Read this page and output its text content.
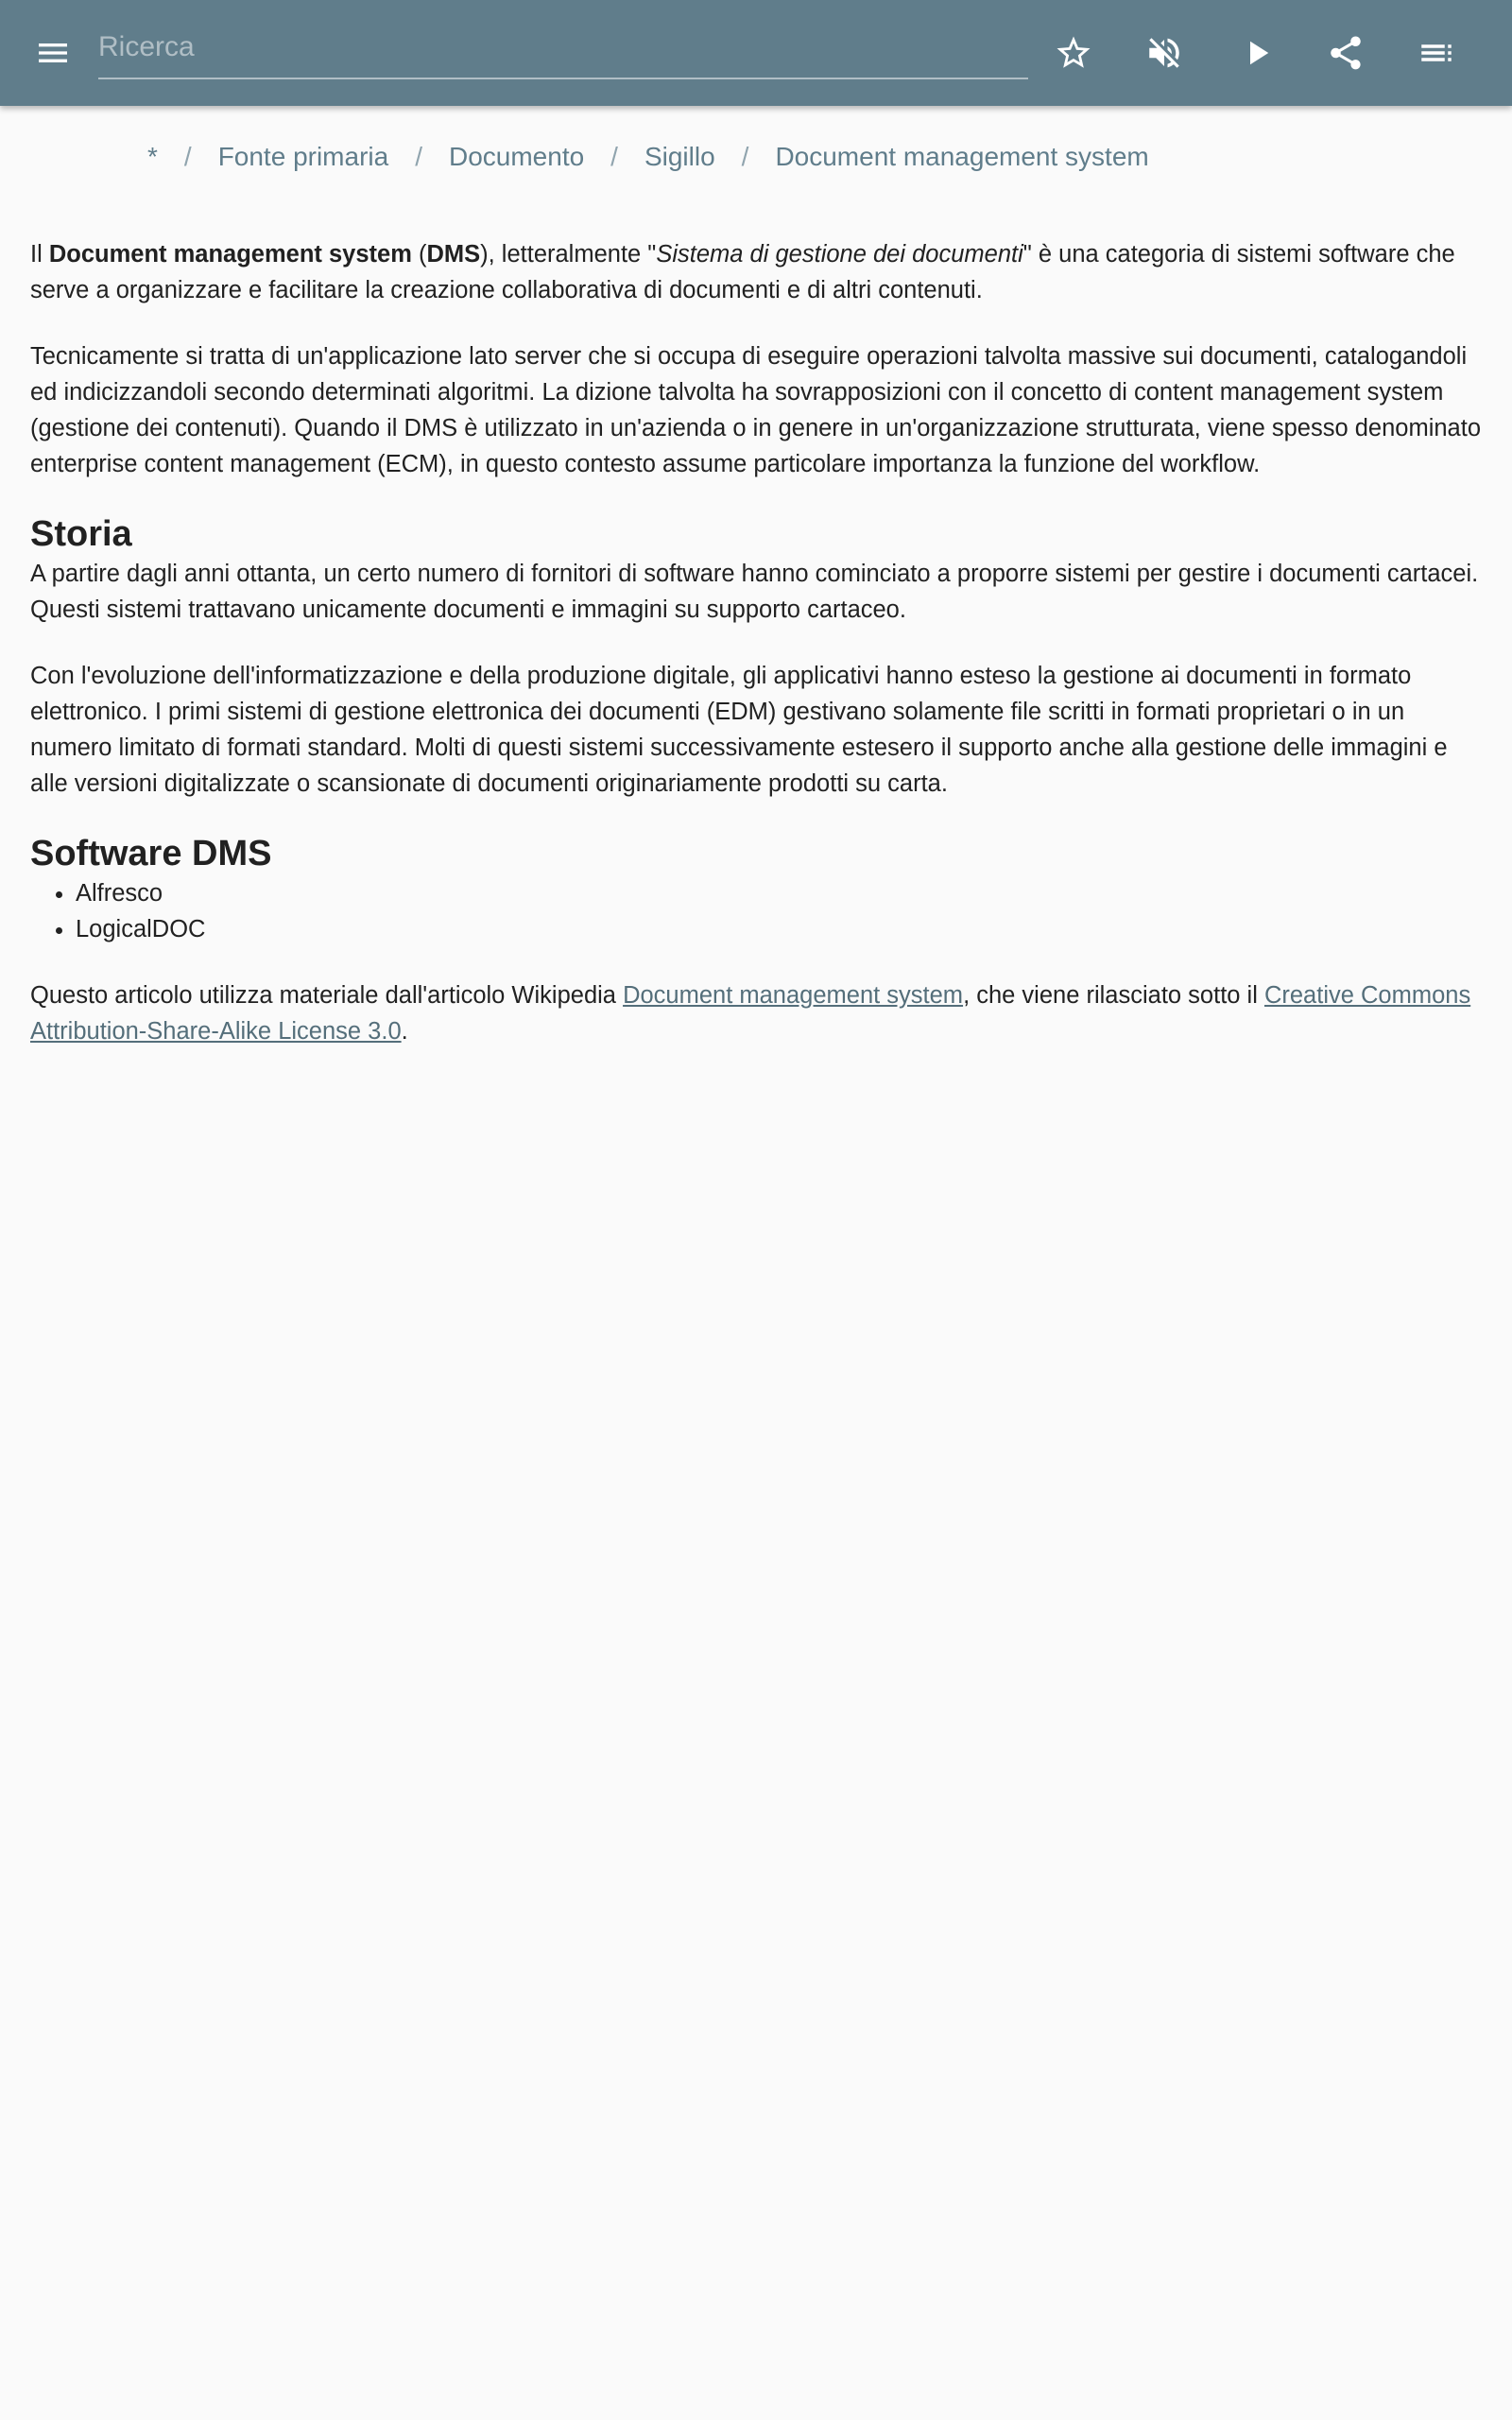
Ricerca
* / Fonte primaria / Documento / Sigillo / Document management system

Il Document management system (DMS), letteralmente "Sistema di gestione dei documenti" è una categoria di sistemi software che serve a organizzare e facilitare la creazione collaborativa di documenti e di altri contenuti.

Tecnicamente si tratta di un'applicazione lato server che si occupa di eseguire operazioni talvolta massive sui documenti, catalogandoli ed indicizzandoli secondo determinati algoritmi. La dizione talvolta ha sovrapposizioni con il concetto di content management system (gestione dei contenuti). Quando il DMS è utilizzato in un'azienda o in genere in un'organizzazione strutturata, viene spesso denominato enterprise content management (ECM), in questo contesto assume particolare importanza la funzione del workflow.

Storia

A partire dagli anni ottanta, un certo numero di fornitori di software hanno cominciato a proporre sistemi per gestire i documenti cartacei. Questi sistemi trattavano unicamente documenti e immagini su supporto cartaceo.

Con l'evoluzione dell'informatizzazione e della produzione digitale, gli applicativi hanno esteso la gestione ai documenti in formato elettronico. I primi sistemi di gestione elettronica dei documenti (EDM) gestivano solamente file scritti in formati proprietari o in un numero limitato di formati standard. Molti di questi sistemi successivamente estesero il supporto anche alla gestione delle immagini e alle versioni digitalizzate o scansionate di documenti originariamente prodotti su carta.

Software DMS
• Alfresco
• LogicalDOC

Questo articolo utilizza materiale dall'articolo Wikipedia Document management system, che viene rilasciato sotto il Creative Commons Attribution-Share-Alike License 3.0.
